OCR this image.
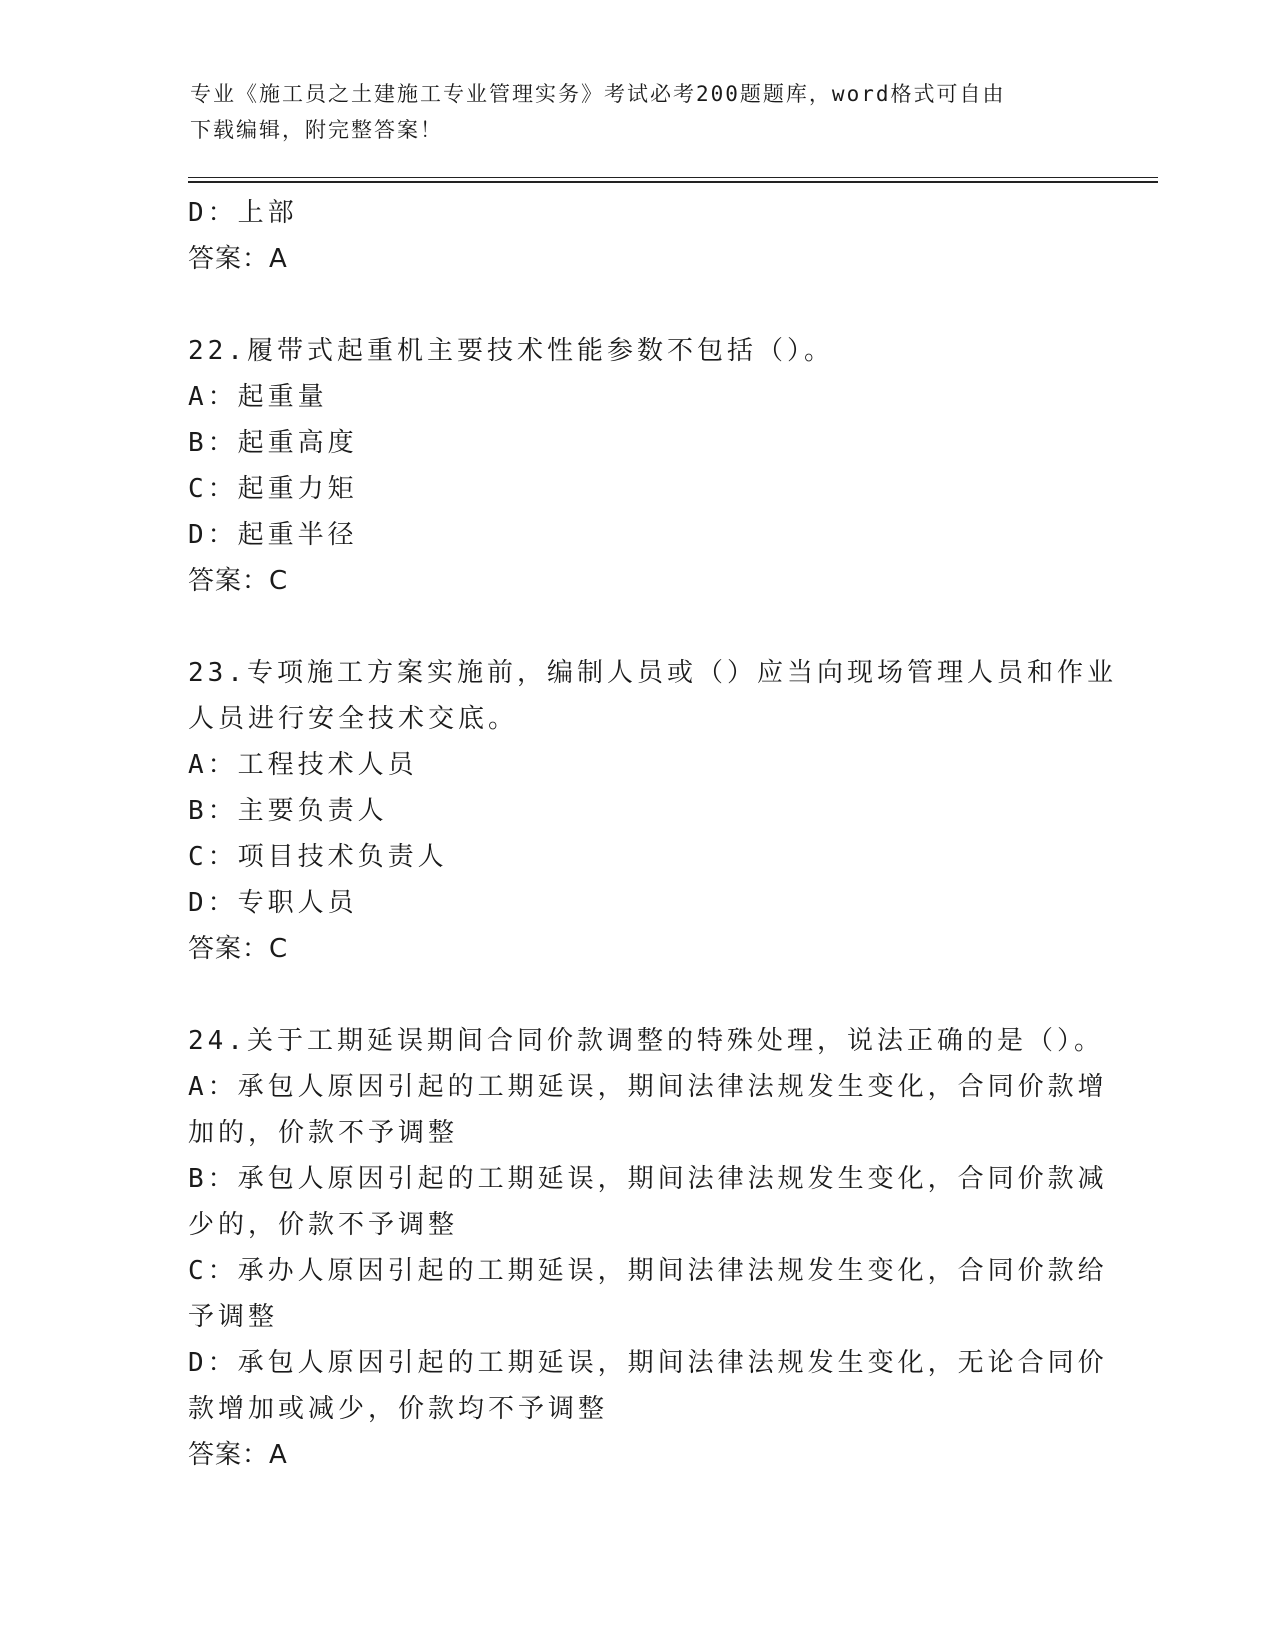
专业《施工员之土建施工专业管理实务》考试必考200题题库，word格式可自由
下载编辑，附完整答案！
D：上部
答案：A
22.履带式起重机主要技术性能参数不包括（）。
A：起重量
B：起重高度
C：起重力矩
D：起重半径
答案：C
23.专项施工方案实施前，编制人员或（）应当向现场管理人员和作业
人员进行安全技术交底。
A：工程技术人员
B：主要负责人
C：项目技术负责人
D：专职人员
答案：C
24.关于工期延误期间合同价款调整的特殊处理，说法正确的是（）。
A：承包人原因引起的工期延误，期间法律法规发生变化，合同价款增
加的，价款不予调整
B：承包人原因引起的工期延误，期间法律法规发生变化，合同价款减
少的，价款不予调整
C：承办人原因引起的工期延误，期间法律法规发生变化，合同价款给
予调整
D：承包人原因引起的工期延误，期间法律法规发生变化，无论合同价
款增加或减少，价款均不予调整
答案：A
